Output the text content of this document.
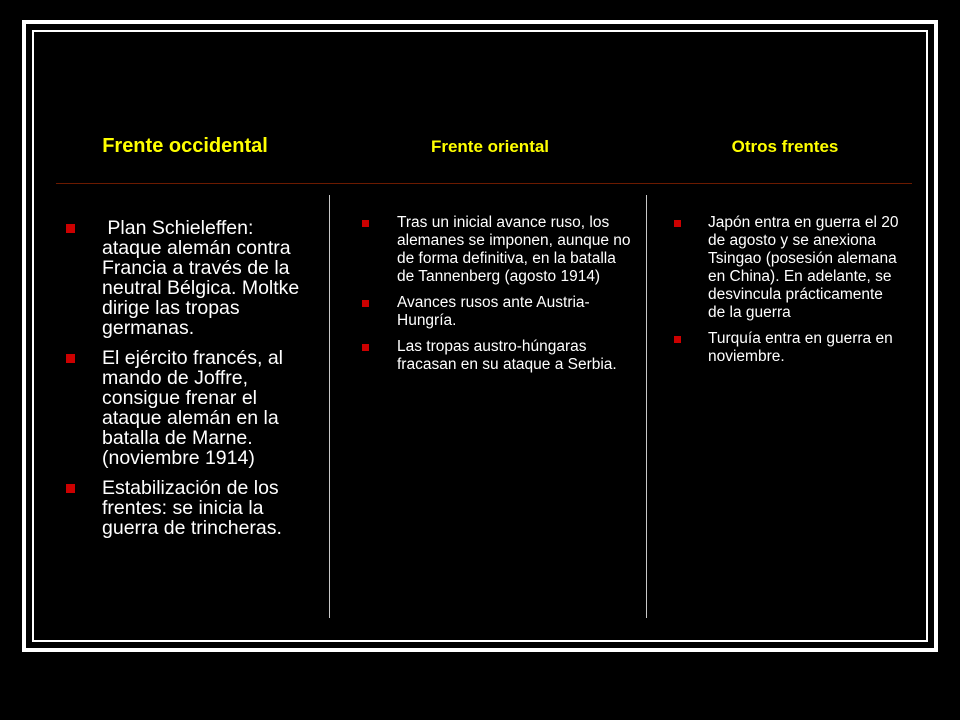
Frente occidental	Frente oriental	Otros frentes
Plan Schieleffen: ataque alemán contra Francia a través de la neutral Bélgica. Moltke dirige las tropas germanas.
El ejército francés, al mando de Joffre, consigue frenar el ataque alemán en la batalla de Marne. (noviembre 1914)
Estabilización de los frentes: se inicia la guerra de trincheras.
Tras un inicial avance ruso, los alemanes se imponen, aunque no de forma definitiva, en la batalla de Tannenberg (agosto 1914)
Avances rusos ante Austria-Hungría.
Las tropas austro-húngaras fracasan en su ataque a Serbia.
Japón entra en guerra el 20 de agosto y se anexiona Tsingao (posesión alemana en China). En adelante, se desvincula prácticamente de la guerra
Turquía entra en guerra en noviembre.
